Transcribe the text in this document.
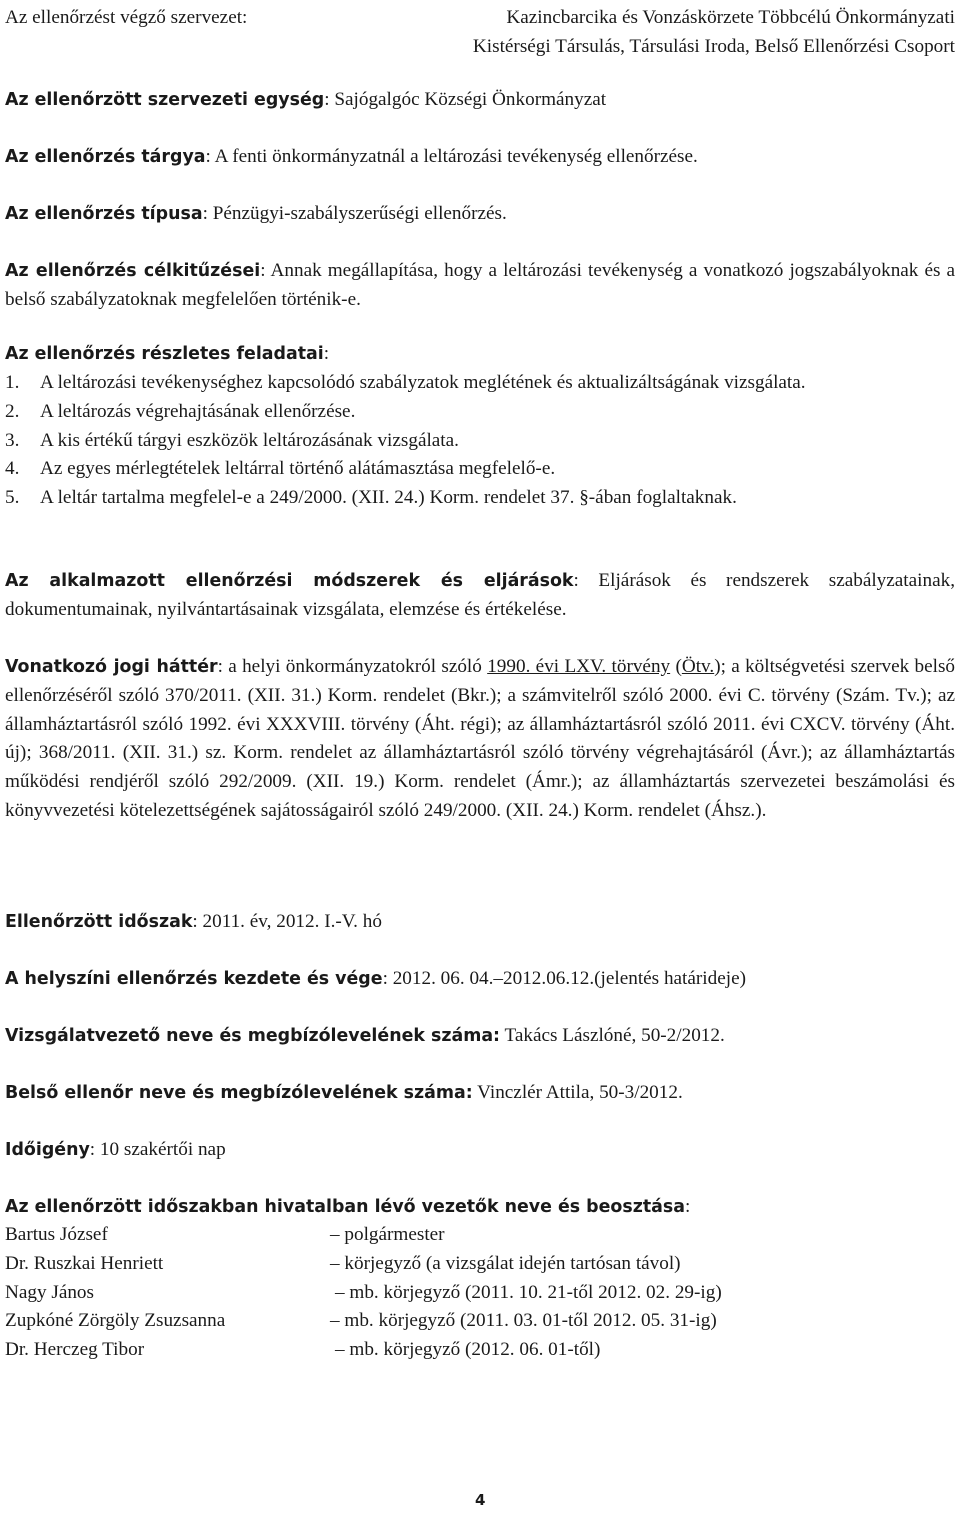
Az ellenőrzést végző szervezet:	Kazincbarcika és Vonzáskörzete Többcélú Önkormányzati
Kistérségi Társulás, Társulási Iroda, Belső Ellenőrzési Csoport
Az ellenőrzött szervezeti egység: Sajógalgóc Községi Önkormányzat
Az ellenőrzés tárgya: A fenti önkormányzatnál a leltározási tevékenység ellenőrzése.
Az ellenőrzés típusa: Pénzügyi-szabályszerűségi ellenőrzés.
Az ellenőrzés célkitűzései: Annak megállapítása, hogy a leltározási tevékenység a vonatkozó jogszabályoknak és a belső szabályzatoknak megfelelően történik-e.
Az ellenőrzés részletes feladatai:
1. A leltározási tevékenységhez kapcsolódó szabályzatok meglétének és aktualizáltságának vizsgálata.
2. A leltározás végrehajtásának ellenőrzése.
3. A kis értékű tárgyi eszközök leltározásának vizsgálata.
4. Az egyes mérlegtételek leltárral történő alátámasztása megfelelő-e.
5. A leltár tartalma megfelel-e a 249/2000. (XII. 24.) Korm. rendelet 37. §-ában foglaltaknak.
Az alkalmazott ellenőrzési módszerek és eljárások: Eljárások és rendszerek szabályzatainak, dokumentumainak, nyilvántartásainak vizsgálata, elemzése és értékelése.
Vonatkozó jogi háttér: a helyi önkormányzatokról szóló 1990. évi LXV. törvény (Ötv.); a költségvetési szervek belső ellenőrzéséről szóló 370/2011. (XII. 31.) Korm. rendelet (Bkr.); a számvitelről szóló 2000. évi C. törvény (Szám. Tv.); az államháztartásról szóló 1992. évi XXXVIII. törvény (Áht. régi); az államháztartásról szóló 2011. évi CXCV. törvény (Áht. új); 368/2011. (XII. 31.) sz. Korm. rendelet az államháztartásról szóló törvény végrehajtásáról (Ávr.); az államháztartás működési rendjéről szóló 292/2009. (XII. 19.) Korm. rendelet (Ámr.); az államháztartás szervezetei beszámolási és könyvvezetési kötelezettségének sajátosságairól szóló 249/2000. (XII. 24.) Korm. rendelet (Áhsz.).
Ellenőrzött időszak: 2011. év, 2012. I.-V. hó
A helyszíni ellenőrzés kezdete és vége: 2012. 06. 04.–2012.06.12.(jelentés határideje)
Vizsgálatvezető neve és megbízólevelének száma: Takács Lászlóné, 50-2/2012.
Belső ellenőr neve és megbízólevelének száma: Vinczlér Attila, 50-3/2012.
Időigény: 10 szakértői nap
Az ellenőrzött időszakban hivatalban lévő vezetők neve és beosztása:
Bartus József	– polgármester
Dr. Ruszkai Henriett	– körjegyző (a vizsgálat idején tartósan távol)
Nagy János	– mb. körjegyző (2011. 10. 21-től 2012. 02. 29-ig)
Zupkóné Zörgöly Zsuzsanna	– mb. körjegyző (2011. 03. 01-től 2012. 05. 31-ig)
Dr. Herczeg Tibor	– mb. körjegyző (2012. 06. 01-től)
4
